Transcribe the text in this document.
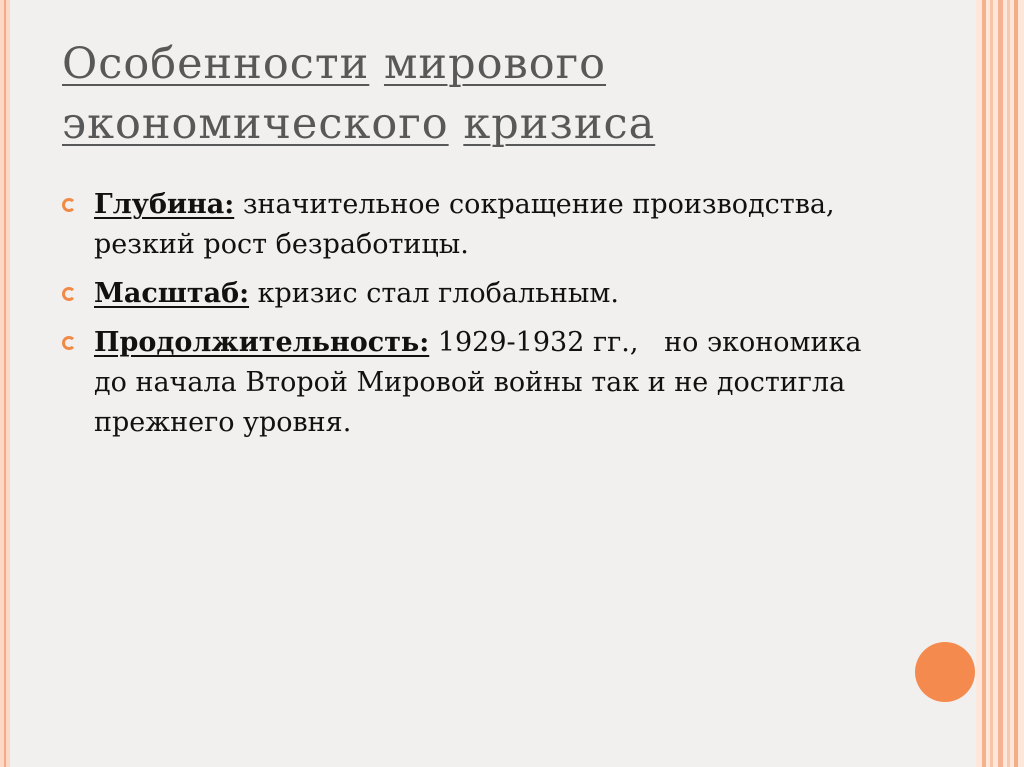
Особенности мирового
экономического кризиса
Глубина: значительное сокращение производства, резкий рост безработицы.
Масштаб: кризис стал глобальным.
Продолжительность: 1929-1932 гг.,   но экономика до начала Второй Мировой войны так и не достигла прежнего уровня.
